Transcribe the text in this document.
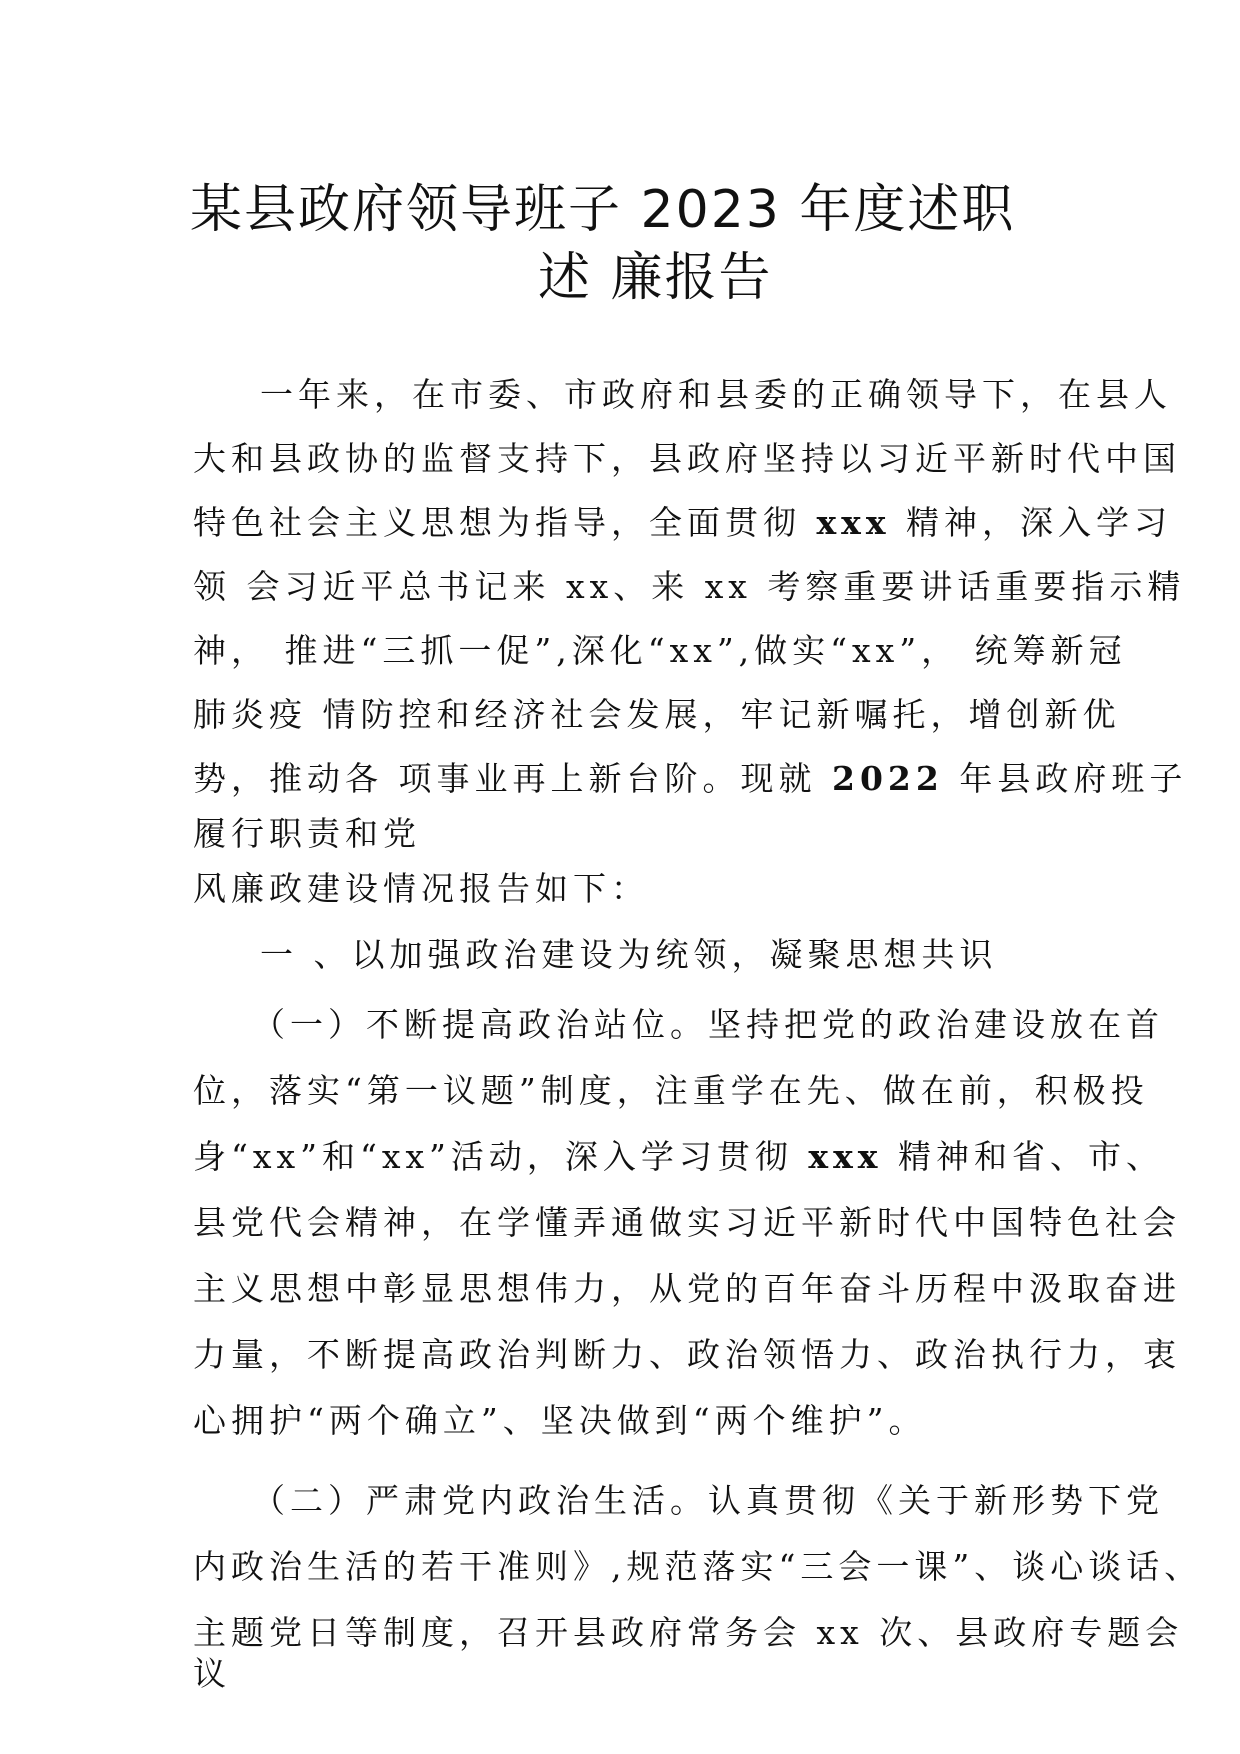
某县政府领导班子 2023 年度述职
述 廉报告
一年来，在市委、市政府和县委的正确领导下，在县人
大和县政协的监督支持下，县政府坚持以习近平新时代中国
特色社会主义思想为指导，全面贯彻 xxx 精神，深入学习
领 会习近平总书记来 xx、来 xx 考察重要讲话重要指示精
神， 推进“三抓一促”,深化“xx”,做实“xx”， 统筹新冠
肺炎疫 情防控和经济社会发展，牢记新嘱托，增创新优
势，推动各 项事业再上新台阶。现就 2022 年县政府班子
履行职责和党
风廉政建设情况报告如下：
一 、以加强政治建设为统领，凝聚思想共识
（一）不断提高政治站位。坚持把党的政治建设放在首
位，落实“第一议题”制度，注重学在先、做在前，积极投
身“xx”和“xx”活动，深入学习贯彻 xxx 精神和省、市、
县党代会精神，在学懂弄通做实习近平新时代中国特色社会
主义思想中彰显思想伟力，从党的百年奋斗历程中汲取奋进
力量，不断提高政治判断力、政治领悟力、政治执行力，衷
心拥护“两个确立”、坚决做到“两个维护”。
（二）严肃党内政治生活。认真贯彻《关于新形势下党
内政治生活的若干准则》,规范落实“三会一课”、谈心谈话、
主题党日等制度，召开县政府常务会 xx 次、县政府专题会
议
